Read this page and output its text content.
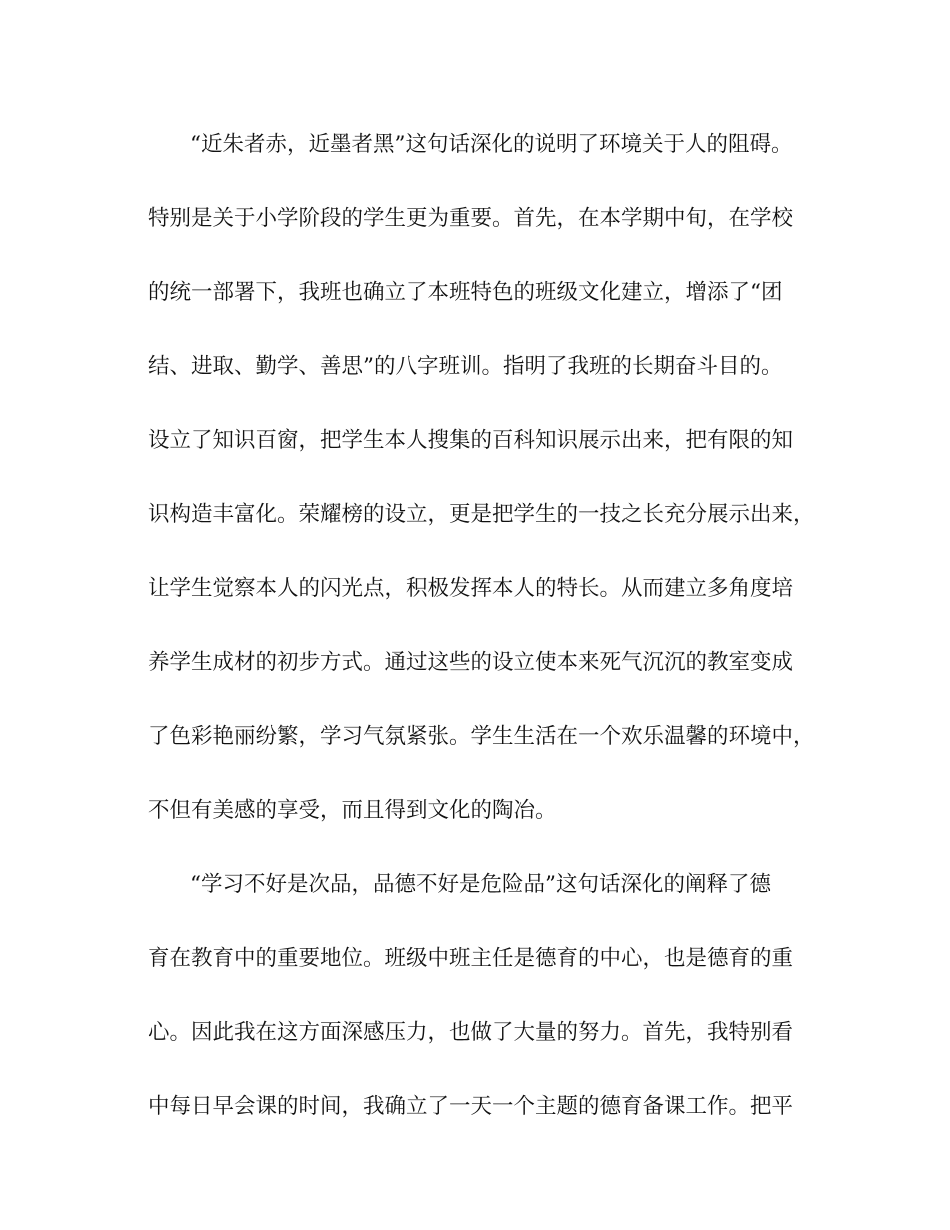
“近朱者赤，近墨者黑”这句话深化的说明了环境关于人的阻碍。
特别是关于小学阶段的学生更为重要。首先，在本学期中旬，在学校
的统一部署下，我班也确立了本班特色的班级文化建立，增添了“团
结、进取、勤学、善思”的八字班训。指明了我班的长期奋斗目的。
设立了知识百窗，把学生本人搜集的百科知识展示出来，把有限的知
识构造丰富化。荣耀榜的设立，更是把学生的一技之长充分展示出来，
让学生觉察本人的闪光点，积极发挥本人的特长。从而建立多角度培
养学生成材的初步方式。通过这些的设立使本来死气沉沉的教室变成
了色彩艳丽纷繁，学习气氛紧张。学生生活在一个欢乐温馨的环境中，
不但有美感的享受，而且得到文化的陶冶。
“学习不好是次品，品德不好是危险品”这句话深化的阐释了德
育在教育中的重要地位。班级中班主任是德育的中心，也是德育的重
心。因此我在这方面深感压力，也做了大量的努力。首先，我特别看
中每日早会课的时间，我确立了一天一个主题的德育备课工作。把平
